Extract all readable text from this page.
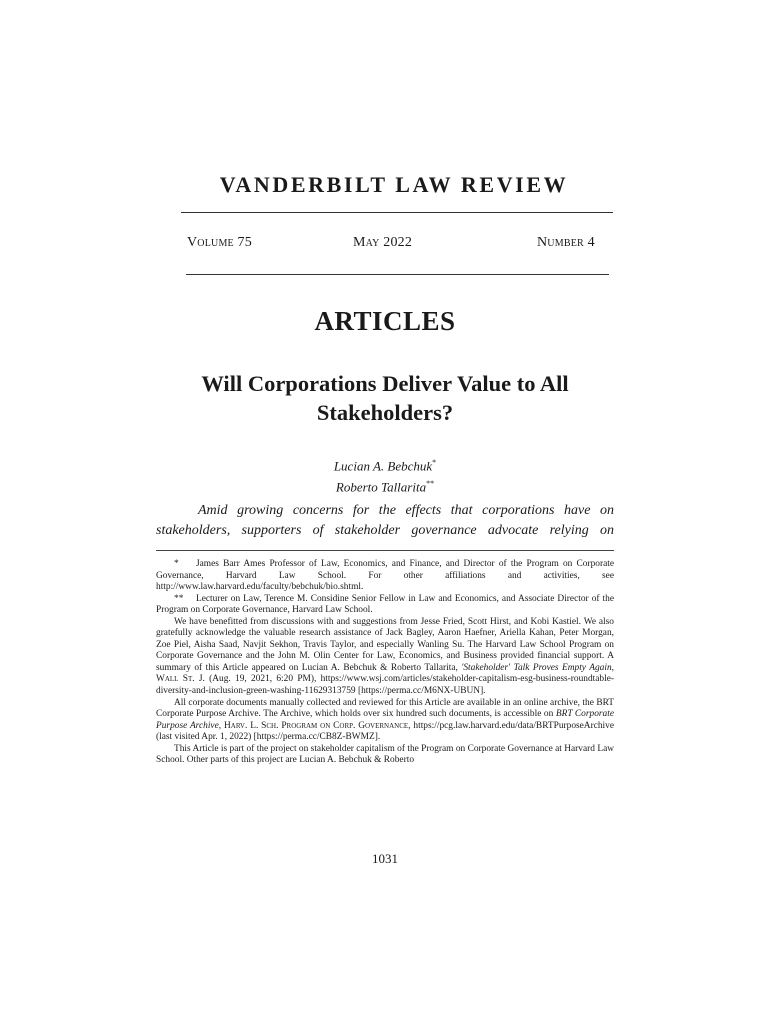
VANDERBILT LAW REVIEW
Volume 75	May 2022	Number 4
ARTICLES
Will Corporations Deliver Value to All
Stakeholders?
Lucian A. Bebchuk*
Roberto Tallarita**
Amid growing concerns for the effects that corporations have on
stakeholders, supporters of stakeholder governance advocate relying on

* James Barr Ames Professor of Law, Economics, and Finance, and Director of the Program on Corporate Governance, Harvard Law School. For other affiliations and activities, see http://www.law.harvard.edu/faculty/bebchuk/bio.shtml.

** Lecturer on Law, Terence M. Considine Senior Fellow in Law and Economics, and Associate Director of the Program on Corporate Governance, Harvard Law School.

We have benefitted from discussions with and suggestions from Jesse Fried, Scott Hirst, and Kobi Kastiel. We also gratefully acknowledge the valuable research assistance of Jack Bagley, Aaron Haefner, Ariella Kahan, Peter Morgan, Zoe Piel, Aisha Saad, Navjit Sekhon, Travis Taylor, and especially Wanling Su. The Harvard Law School Program on Corporate Governance and the John M. Olin Center for Law, Economics, and Business provided financial support. A summary of this Article appeared on Lucian A. Bebchuk & Roberto Tallarita, 'Stakeholder' Talk Proves Empty Again, Wall St. J. (Aug. 19, 2021, 6:20 PM), https://www.wsj.com/articles/stakeholder-capitalism-esg-business-roundtable-diversity-and-inclusion-green-washing-11629313759 [https://perma.cc/M6NX-UBUN].

All corporate documents manually collected and reviewed for this Article are available in an online archive, the BRT Corporate Purpose Archive. The Archive, which holds over six hundred such documents, is accessible on BRT Corporate Purpose Archive, Harv. L. Sch. Program on Corp. Governance, https://pcg.law.harvard.edu/data/BRTPurposeArchive (last visited Apr. 1, 2022) [https://perma.cc/CB8Z-BWMZ].

This Article is part of the project on stakeholder capitalism of the Program on Corporate Governance at Harvard Law School. Other parts of this project are Lucian A. Bebchuk & Roberto

1031
